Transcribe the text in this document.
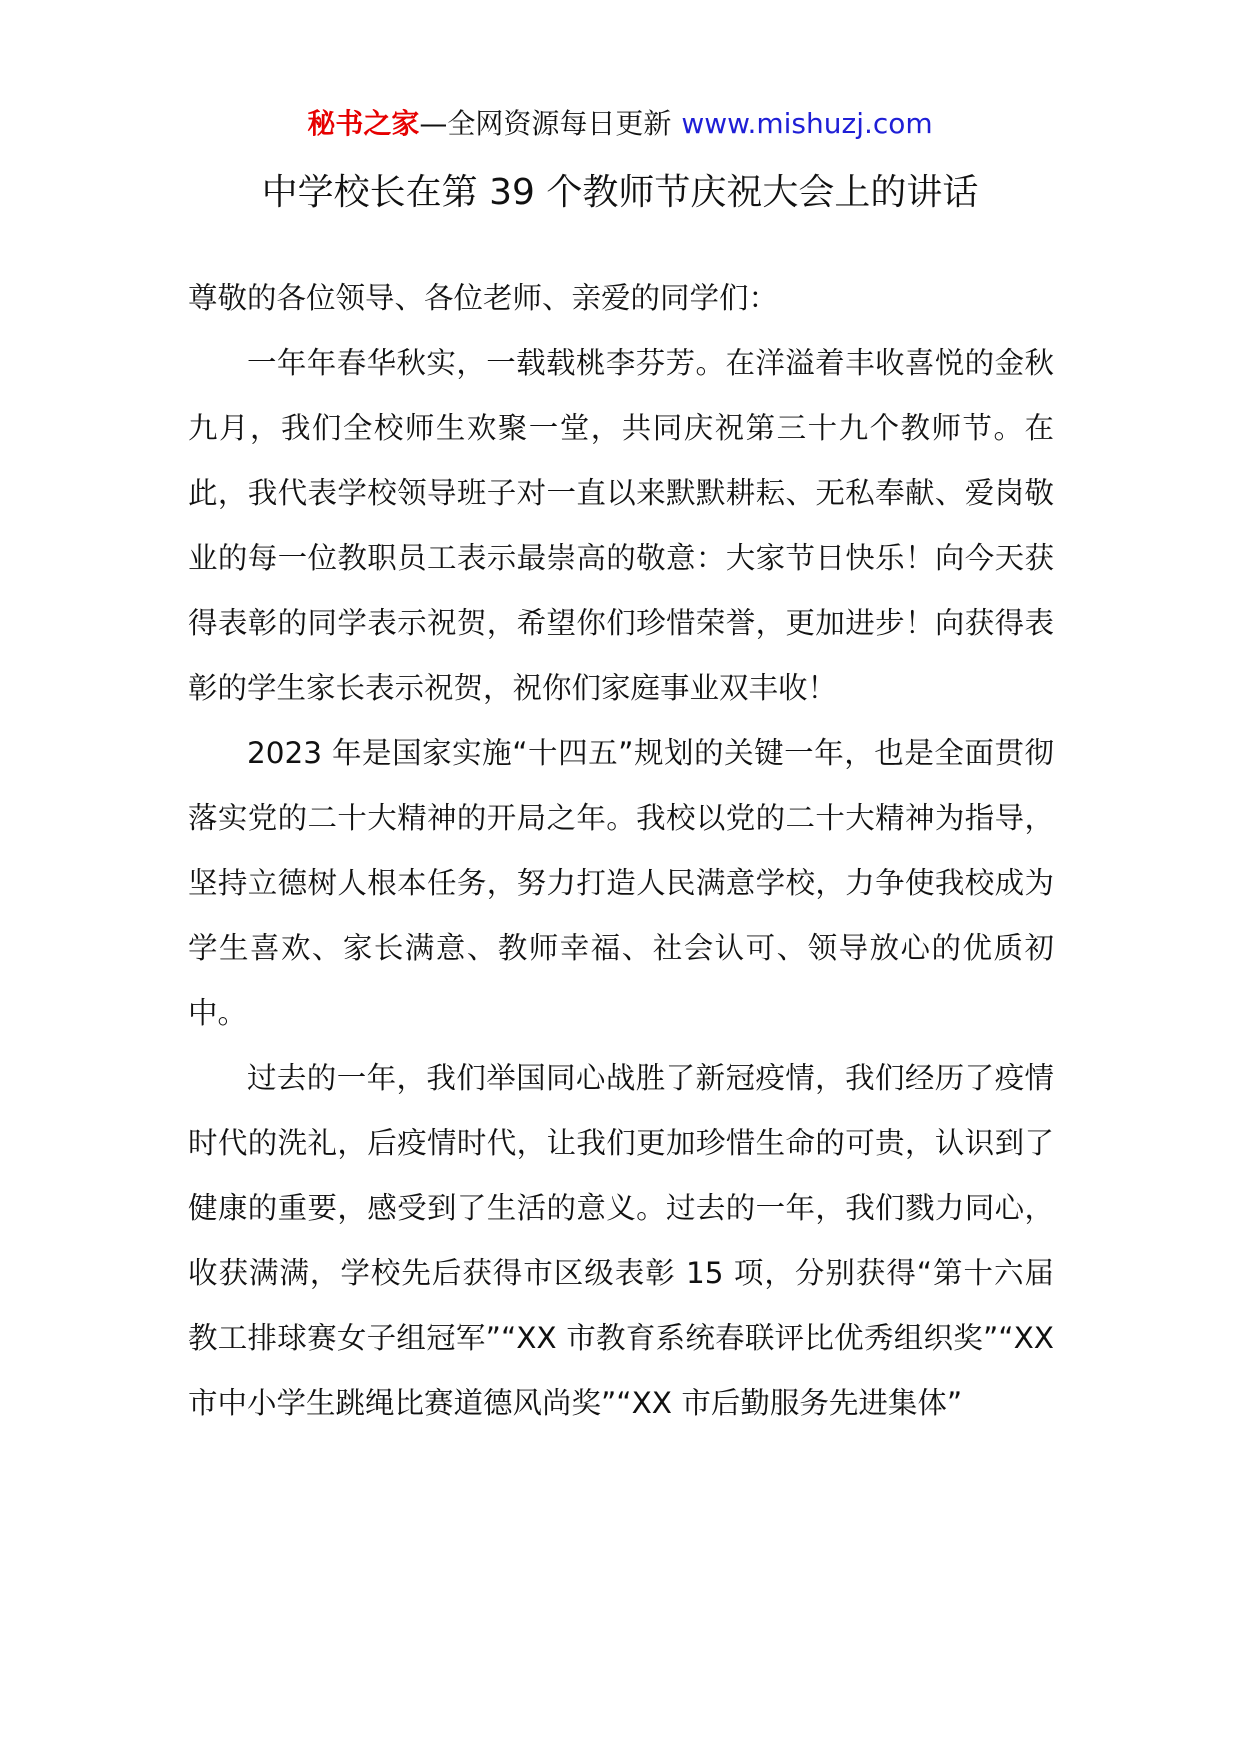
秘书之家—全网资源每日更新 www.mishuzj.com
中学校长在第 39 个教师节庆祝大会上的讲话

尊敬的各位领导、各位老师、亲爱的同学们：

一年年春华秋实，一载载桃李芬芳。在洋溢着丰收喜悦的金秋九月，我们全校师生欢聚一堂，共同庆祝第三十九个教师节。在此，我代表学校领导班子对一直以来默默耕耘、无私奉献、爱岗敬业的每一位教职员工表示最崇高的敬意：大家节日快乐！向今天获得表彰的同学表示祝贺，希望你们珍惜荣誉，更加进步！向获得表彰的学生家长表示祝贺，祝你们家庭事业双丰收！

2023 年是国家实施“十四五”规划的关键一年，也是全面贯彻落实党的二十大精神的开局之年。我校以党的二十大精神为指导，坚持立德树人根本任务，努力打造人民满意学校，力争使我校成为学生喜欢、家长满意、教师幸福、社会认可、领导放心的优质初中。

过去的一年，我们举国同心战胜了新冠疫情，我们经历了疫情时代的洗礼，后疫情时代，让我们更加珍惜生命的可贵，认识到了健康的重要，感受到了生活的意义。过去的一年，我们戮力同心，收获满满，学校先后获得市区级表彰 15 项，分别获得“第十六届教工排球赛女子组冠军”“XX 市教育系统春联评比优秀组织奖”“XX 市中小学生跳绳比赛道德风尚奖”“XX 市后勤服务先进集体”
